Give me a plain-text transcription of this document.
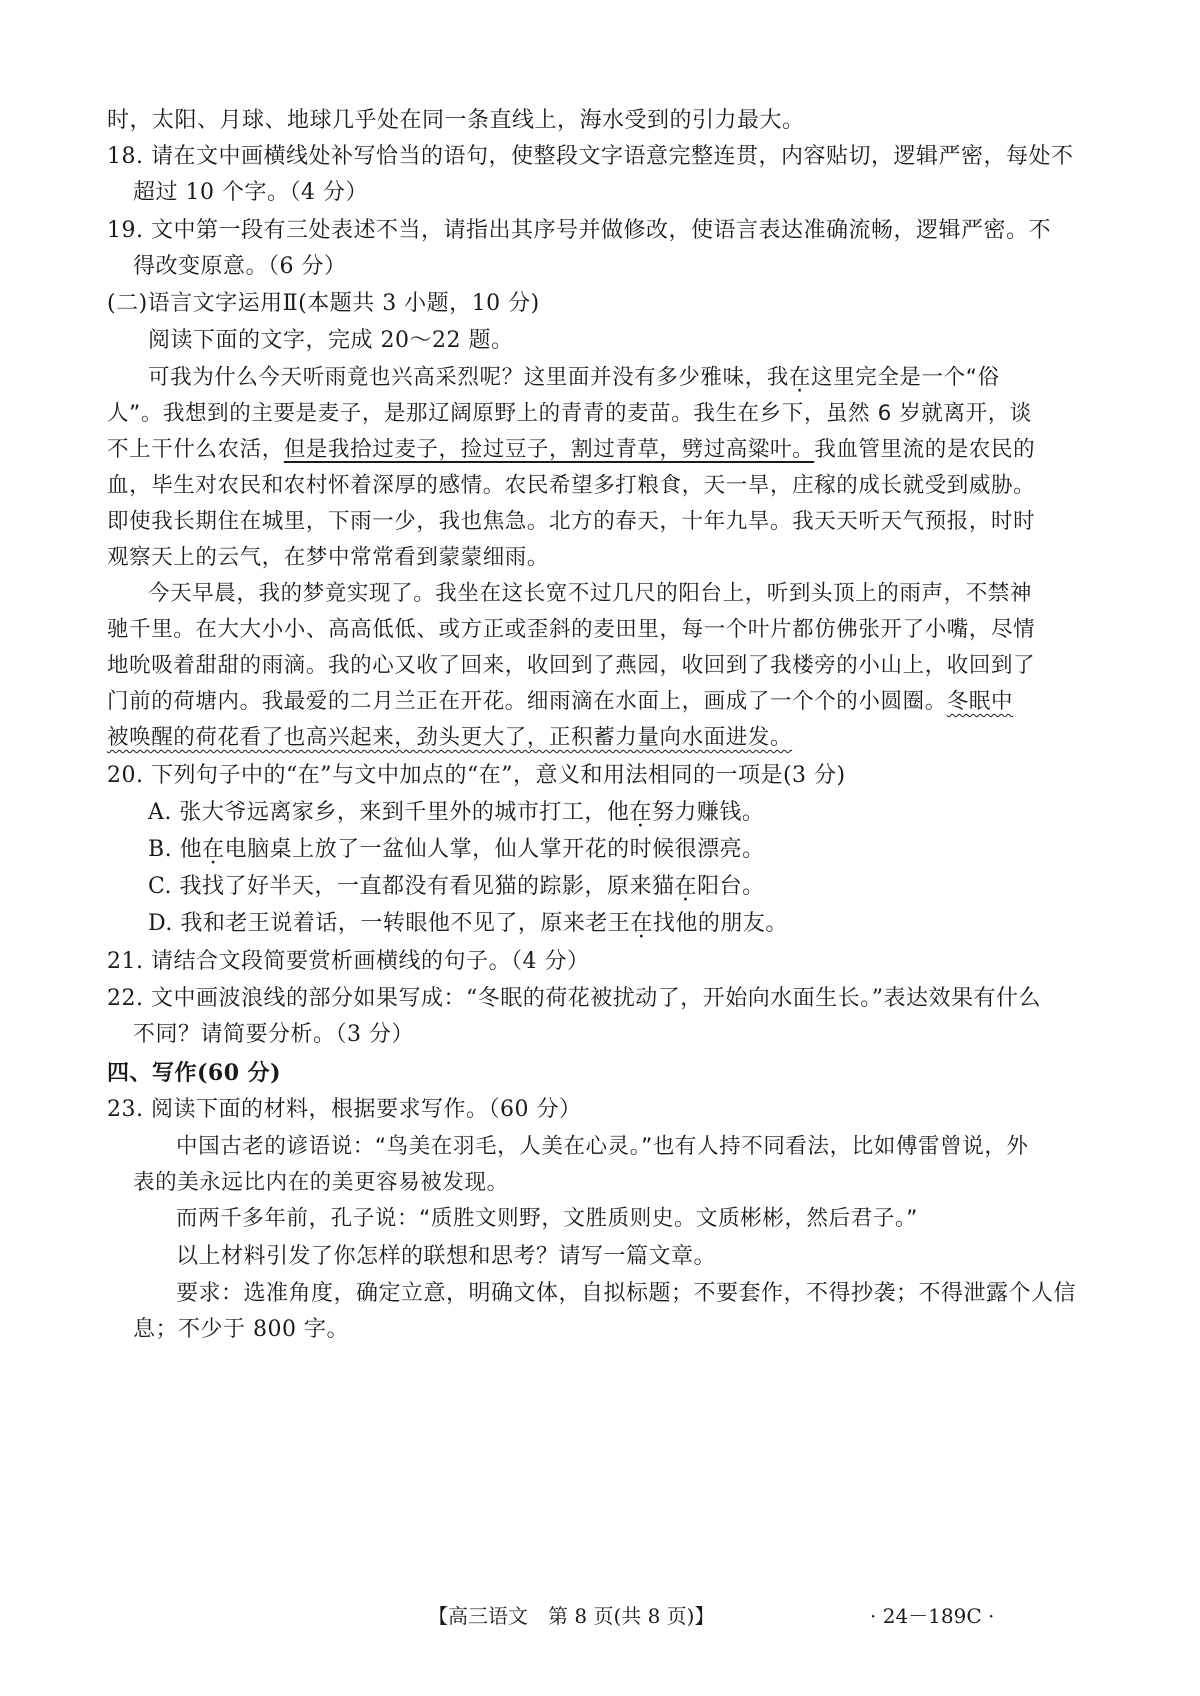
时，太阳、月球、地球几乎处在同一条直线上，海水受到的引力最大。
18. 请在文中画横线处补写恰当的语句，使整段文字语意完整连贯，内容贴切，逻辑严密，每处不
超过 10 个字。（4 分）
19. 文中第一段有三处表述不当，请指出其序号并做修改，使语言表达准确流畅，逻辑严密。不
得改变原意。（6 分）
(二)语言文字运用Ⅱ(本题共 3 小题，10 分)
阅读下面的文字，完成 20～22 题。
可我为什么今天听雨竟也兴高采烈呢？这里面并没有多少雅味，我在这里完全是一个“俗
人”。我想到的主要是麦子，是那辽阔原野上的青青的麦苗。我生在乡下，虽然 6 岁就离开，谈
不上干什么农活，但是我拾过麦子，捡过豆子，割过青草，劈过高粱叶。我血管里流的是农民的
血，毕生对农民和农村怀着深厚的感情。农民希望多打粮食，天一旱，庄稼的成长就受到威胁。
即使我长期住在城里，下雨一少，我也焦急。北方的春天，十年九旱。我天天听天气预报，时时
观察天上的云气，在梦中常常看到蒙蒙细雨。
今天早晨，我的梦竟实现了。我坐在这长宽不过几尺的阳台上，听到头顶上的雨声，不禁神
驰千里。在大大小小、高高低低、或方正或歪斜的麦田里，每一个叶片都仿佛张开了小嘴，尽情
地吮吸着甜甜的雨滴。我的心又收了回来，收回到了燕园，收回到了我楼旁的小山上，收回到了
门前的荷塘内。我最爱的二月兰正在开花。细雨滴在水面上，画成了一个个的小圆圈。冬眠中
被唤醒的荷花看了也高兴起来，劲头更大了，正积蓄力量向水面进发。
20. 下列句子中的“在”与文中加点的“在”，意义和用法相同的一项是(3 分)
A. 张大爷远离家乡，来到千里外的城市打工，他在努力赚钱。
B. 他在电脑桌上放了一盆仙人掌，仙人掌开花的时候很漂亮。
C. 我找了好半天，一直都没有看见猫的踪影，原来猫在阳台。
D. 我和老王说着话，一转眼他不见了，原来老王在找他的朋友。
21. 请结合文段简要赏析画横线的句子。（4 分）
22. 文中画波浪线的部分如果写成：“冬眠的荷花被扰动了，开始向水面生长。”表达效果有什么
不同？请简要分析。（3 分）
四、写作(60 分)
23. 阅读下面的材料，根据要求写作。（60 分）
中国古老的谚语说：“鸟美在羽毛，人美在心灵。”也有人持不同看法，比如傅雷曾说，外
表的美永远比内在的美更容易被发现。
而两千多年前，孔子说：“质胜文则野，文胜质则史。文质彬彬，然后君子。”
以上材料引发了你怎样的联想和思考？请写一篇文章。
要求：选准角度，确定立意，明确文体，自拟标题；不要套作，不得抄袭；不得泄露个人信
息；不少于 800 字。
【高三语文　第 8 页(共 8 页)】	· 24－189C ·
